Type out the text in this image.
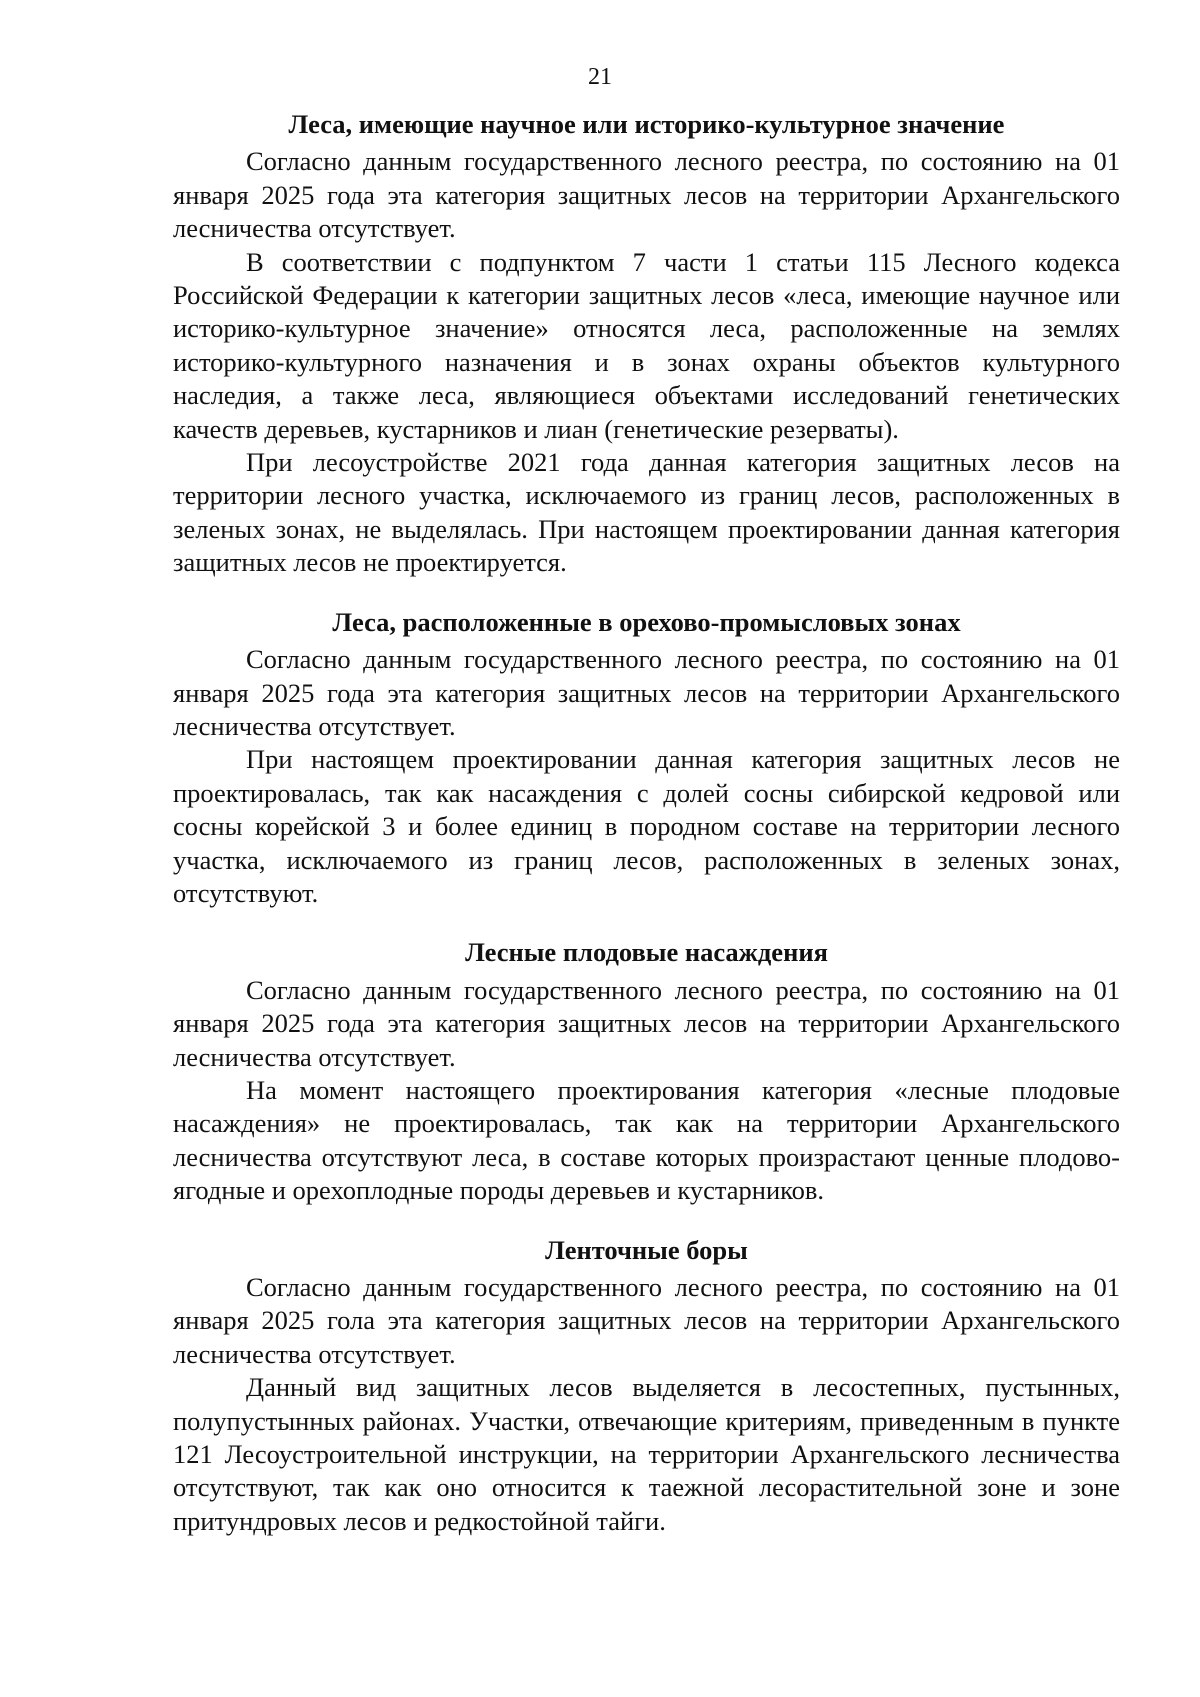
21
Леса, имеющие научное или историко-культурное значение

Согласно данным государственного лесного реестра, по состоянию на 01 января 2025 года эта категория защитных лесов на территории Архангельского лесничества отсутствует.

В соответствии с подпунктом 7 части 1 статьи 115 Лесного кодекса Российской Федерации к категории защитных лесов «леса, имеющие научное или историко-культурное значение» относятся леса, расположенные на землях историко-культурного назначения и в зонах охраны объектов культурного наследия, а также леса, являющиеся объектами исследований генетических качеств деревьев, кустарников и лиан (генетические резерваты).

При лесоустройстве 2021 года данная категория защитных лесов на территории лесного участка, исключаемого из границ лесов, расположенных в зеленых зонах, не выделялась. При настоящем проектировании данная категория защитных лесов не проектируется.

Леса, расположенные в орехово-промысловых зонах

Согласно данным государственного лесного реестра, по состоянию на 01 января 2025 года эта категория защитных лесов на территории Архангельского лесничества отсутствует.

При настоящем проектировании данная категория защитных лесов не проектировалась, так как насаждения с долей сосны сибирской кедровой или сосны корейской 3 и более единиц в породном составе на территории лесного участка, исключаемого из границ лесов, расположенных в зеленых зонах, отсутствуют.

Лесные плодовые насаждения

Согласно данным государственного лесного реестра, по состоянию на 01 января 2025 года эта категория защитных лесов на территории Архангельского лесничества отсутствует.

На момент настоящего проектирования категория «лесные плодовые насаждения» не проектировалась, так как на территории Архангельского лесничества отсутствуют леса, в составе которых произрастают ценные плодово-ягодные и орехоплодные породы деревьев и кустарников.

Ленточные боры

Согласно данным государственного лесного реестра, по состоянию на 01 января 2025 гола эта категория защитных лесов на территории Архангельского лесничества отсутствует.

Данный вид защитных лесов выделяется в лесостепных, пустынных, полупустынных районах. Участки, отвечающие критериям, приведенным в пункте 121 Лесоустроительной инструкции, на территории Архангельского лесничества отсутствуют, так как оно относится к таежной лесорастительной зоне и зоне притундровых лесов и редкостойной тайги.
